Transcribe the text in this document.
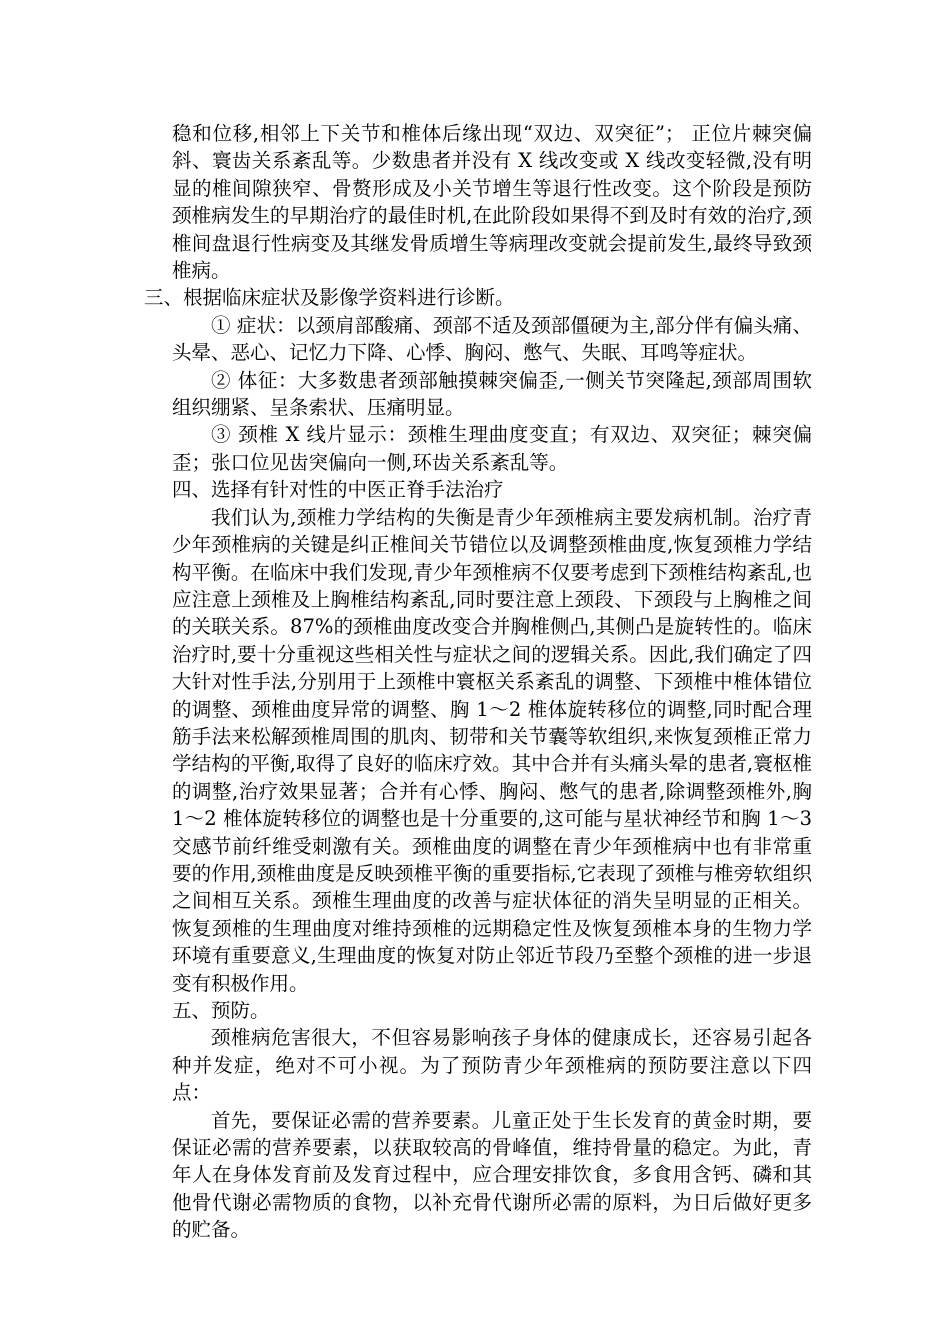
稳和位移,相邻上下关节和椎体后缘出现“双边、双突征”； 正位片棘突偏斜、寰齿关系紊乱等。少数患者并没有 X 线改变或 X 线改变轻微,没有明显的椎间隙狭窄、骨赘形成及小关节增生等退行性改变。这个阶段是预防颈椎病发生的早期治疗的最佳时机,在此阶段如果得不到及时有效的治疗,颈椎间盘退行性病变及其继发骨质增生等病理改变就会提前发生,最终导致颈椎病。

三、根据临床症状及影像学资料进行诊断。

① 症状：以颈肩部酸痛、颈部不适及颈部僵硬为主,部分伴有偏头痛、头晕、恶心、记忆力下降、心悸、胸闷、憋气、失眠、耳鸣等症状。

② 体征：大多数患者颈部触摸棘突偏歪,一侧关节突隆起,颈部周围软组织绷紧、呈条索状、压痛明显。

③ 颈椎 X 线片显示：颈椎生理曲度变直；有双边、双突征；棘突偏歪；张口位见齿突偏向一侧,环齿关系紊乱等。

四、选择有针对性的中医正脊手法治疗

我们认为,颈椎力学结构的失衡是青少年颈椎病主要发病机制。治疗青少年颈椎病的关键是纠正椎间关节错位以及调整颈椎曲度,恢复颈椎力学结构平衡。在临床中我们发现,青少年颈椎病不仅要考虑到下颈椎结构紊乱,也应注意上颈椎及上胸椎结构紊乱,同时要注意上颈段、下颈段与上胸椎之间的关联关系。87%的颈椎曲度改变合并胸椎侧凸,其侧凸是旋转性的。临床治疗时,要十分重视这些相关性与症状之间的逻辑关系。因此,我们确定了四大针对性手法,分别用于上颈椎中寰枢关系紊乱的调整、下颈椎中椎体错位的调整、颈椎曲度异常的调整、胸 1～2 椎体旋转移位的调整,同时配合理筋手法来松解颈椎周围的肌肉、韧带和关节囊等软组织,来恢复颈椎正常力学结构的平衡,取得了良好的临床疗效。其中合并有头痛头晕的患者,寰枢椎的调整,治疗效果显著；合并有心悸、胸闷、憋气的患者,除调整颈椎外,胸 1～2 椎体旋转移位的调整也是十分重要的,这可能与星状神经节和胸 1～3 交感节前纤维受刺激有关。颈椎曲度的调整在青少年颈椎病中也有非常重要的作用,颈椎曲度是反映颈椎平衡的重要指标,它表现了颈椎与椎旁软组织之间相互关系。颈椎生理曲度的改善与症状体征的消失呈明显的正相关。恢复颈椎的生理曲度对维持颈椎的远期稳定性及恢复颈椎本身的生物力学环境有重要意义,生理曲度的恢复对防止邻近节段乃至整个颈椎的进一步退变有积极作用。

五、预防。

颈椎病危害很大，不但容易影响孩子身体的健康成长，还容易引起各种并发症，绝对不可小视。为了预防青少年颈椎病的预防要注意以下四点：

首先，要保证必需的营养要素。儿童正处于生长发育的黄金时期，要保证必需的营养要素，以获取较高的骨峰值，维持骨量的稳定。为此，青年人在身体发育前及发育过程中，应合理安排饮食，多食用含钙、磷和其他骨代谢必需物质的食物，以补充骨代谢所必需的原料，为日后做好更多的贮备。
